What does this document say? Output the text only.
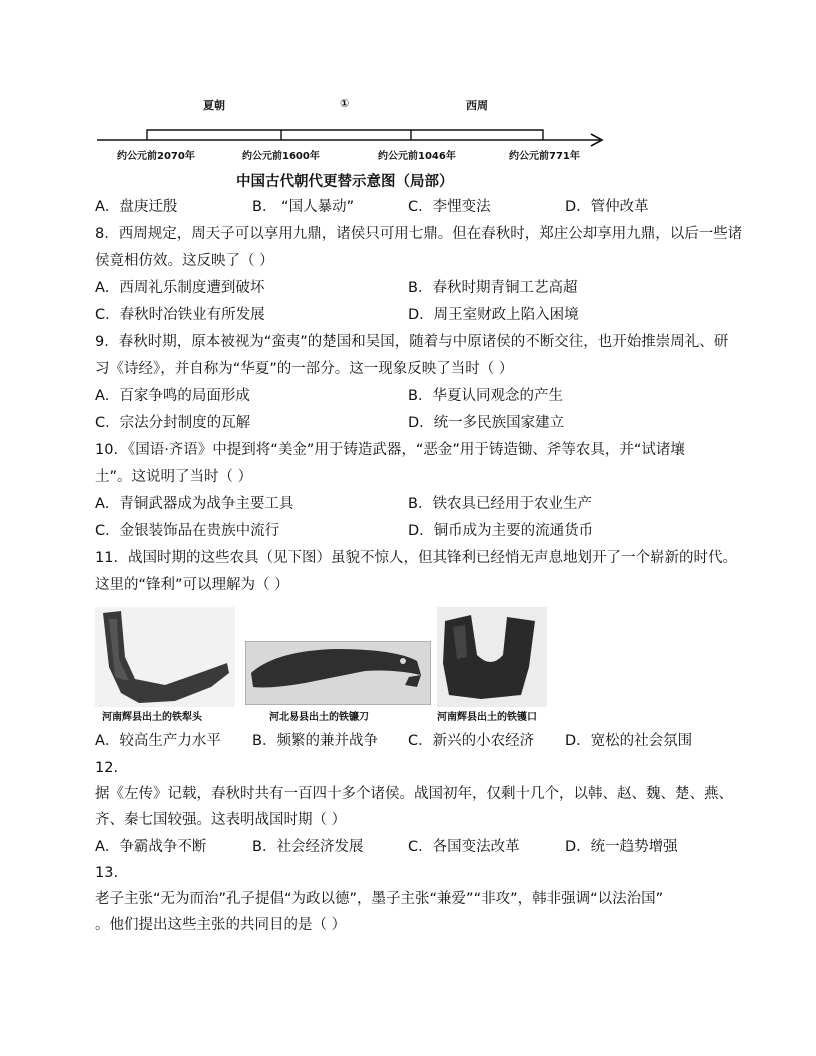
夏朝	①	西周
约公元前2070年	约公元前1600年	约公元前1046年	约公元前771年
中国古代朝代更替示意图（局部）
A．盘庚迁殷	B． “国人暴动”	C．李悝变法	D．管仲改革
8．西周规定，周天子可以享用九鼎，诸侯只可用七鼎。但在春秋时，郑庄公却享用九鼎，以后一些诸
侯竟相仿效。这反映了（ ）
A．西周礼乐制度遭到破坏	B．春秋时期青铜工艺高超
C．春秋时冶铁业有所发展	D．周王室财政上陷入困境
9．春秋时期，原本被视为“蛮夷”的楚国和吴国，随着与中原诸侯的不断交往，也开始推崇周礼、研
习《诗经》，并自称为“华夏”的一部分。这一现象反映了当时（ ）
A．百家争鸣的局面形成	B．华夏认同观念的产生
C．宗法分封制度的瓦解	D．统一多民族国家建立
10．《国语·齐语》中提到将“美金”用于铸造武器，“恶金”用于铸造锄、斧等农具，并“试诸壤
土”。这说明了当时（ ）
A．青铜武器成为战争主要工具	B．铁农具已经用于农业生产
C．金银装饰品在贵族中流行	D．铜币成为主要的流通货币
11．战国时期的这些农具（见下图）虽貌不惊人，但其锋利已经悄无声息地划开了一个崭新的时代。
这里的“锋利”可以理解为（ ）
河南辉县出土的铁犁头	河北易县出土的铁镰刀	河南辉县出土的铁镬口
A．较高生产力水平 B．频繁的兼并战争 C．新兴的小农经济 D．宽松的社会氛围
12.
据《左传》记载，春秋时共有一百四十多个诸侯。战国初年，仅剩十几个，以韩、赵、魏、楚、燕、
齐、秦七国较强。这表明战国时期（ ）
A．争霸战争不断	B．社会经济发展	C．各国变法改革	D．统一趋势增强
13.
老子主张“无为而治”孔子提倡“为政以德”，墨子主张“兼爱”“非攻”，韩非强调“以法治国”
。他们提出这些主张的共同目的是（ ）
